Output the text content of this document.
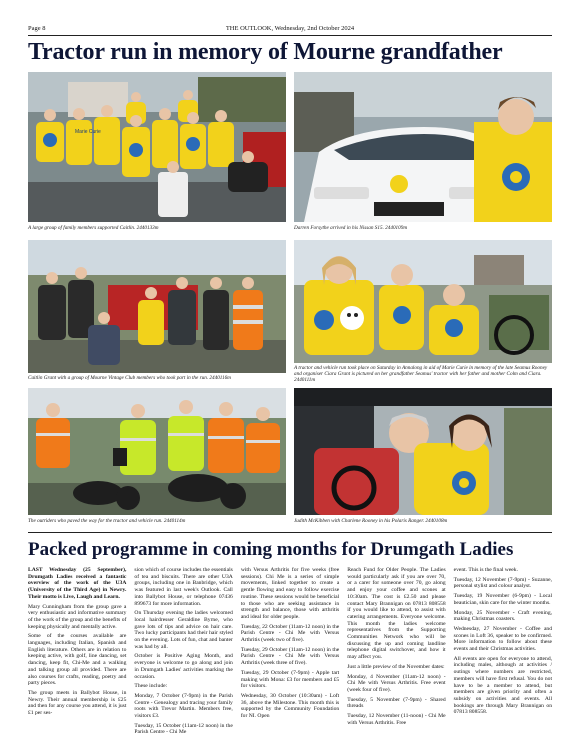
Page 8	THE OUTLOOK, Wednesday, 2nd October 2024
Tractor run in memory of Mourne grandfather
A large group of family members supported Caitlin. 2440133m	Darren Forsythe arrived in his Nissan S15. 2440109m
Caitlin Grant with a group of Mourne Vintage Club members who took part in the run. 2440116m
A tractor and vehicle run took place on Saturday in Annalong in aid of Marie Curie in memory of the late Seamus Rooney and organiser Ciara Grant is pictured on her grandfather Seamus' tractor with her father and mother Colm and Ciara. 2440111m
The outriders who paved the way for the tractor and vehicle run. 2440114m	Judith McKibben with Charlene Rooney in his Polaris Ranger. 2440108m
Packed programme in coming months for Drumgath Ladies

LAST Wednesday (25 September), Drumgath Ladies received a fantastic overview of the work of the U3A (University of the Third Age) in Newry. Their motto is Live, Laugh and Learn.

Mary Cunningham from the group gave a very enthusiastic and informative summary of the work of the group and the benefits of keeping physically and mentally active.

Some of the courses available are languages, including Italian, Spanish and English literature. Others are in relation to keeping active, with golf, line dancing, set dancing, keep fit, Chi-Me and a walking and talking group all provided. There are also courses for crafts, reading, poetry and party pieces.

The group meets in Ballybot House, in Newry. Their annual membership is £25 and then for any course you attend, it is just £1 per ses-

sion which of course includes the essentials of tea and biscuits. There are other U3A groups, including one in Banbridge, which was featured in last week's Outlook. Call into Ballybot House, or telephone 07436 899673 for more information.

On Thursday evening the ladies welcomed local hairdresser Geraldine Byrne, who gave lots of tips and advice on hair care. Two lucky participants had their hair styled on the evening. Lots of fun, chat and banter was had by all.

October is Positive Aging Month, and everyone is welcome to go along and join in Drumgath Ladies' activities marking the occasion.

These include:

Monday, 7 October (7-9pm) in the Parish Centre - Genealogy and tracing your family roots with Trevor Martin. Members free, visitors £3.

Tuesday, 15 October (11am-12 noon) in the Parish Centre - Chi Me

with Versus Arthritis for five weeks (free sessions). Chi Me is a series of simple movements, linked together to create a gentle flowing and easy to follow exercise routine. These sessions would be beneficial to those who are seeking assistance in strength and balance, those with arthritis and ideal for older people.

Tuesday, 22 October (11am-12 noon) in the Parish Centre - Chi Me with Versus Arthritis (week two of five).

Tuesday, 29 October (11am-12 noon) in the Parish Centre - Chi Me with Versus Arthritis (week three of five).

Tuesday, 29 October (7-9pm) - Apple tart making with Mona: £3 for members and £5 for visitors.

Wednesday, 30 October (10:30am) - Loft 36, above the Milestone. This month this is supported by the Community Foundation for NI. Open

Reach Fund for Older People. The Ladies would particularly ask if you are over 70, or a carer for someone over 70, go along and enjoy your coffee and scones at 10:30am. The cost is £2.50 and please contact Mary Brannigan on 07813 808558 if you would like to attend, to assist with catering arrangements. Everyone welcome. This month the ladies welcome representatives from the Supporting Communities Network who will be discussing the up and coming landline telephone digital switchover, and how it may affect you.

Just a little preview of the November dates:

Monday, 4 November (11am-12 noon) - Chi Me with Versus Arthritis. Free event (week four of five).

Tuesday, 5 November (7-9pm) - Shared threads

Tuesday, 12 November (11-noon) - Chi Me with Versus Arthritis. Free

event. This is the final week.

Tuesday, 12 November (7-9pm) - Suzanne, personal stylist and colour analyst.

Tuesday, 19 November (6-9pm) - Local beautician, skin care for the winter months.

Monday, 25 November - Craft evening, making Christmas coasters.

Wednesday, 27 November - Coffee and scones in Loft 36, speaker to be confirmed. More information to follow about these events and their Christmas activities.

All events are open for everyone to attend, including males, although at activities / outings where numbers are restricted, members will have first refusal. You do not have to be a member to attend, but members are given priority and often a subsidy on activities and events. All bookings are through Mary Brannigan on 07813 808558.

Marie Curie
